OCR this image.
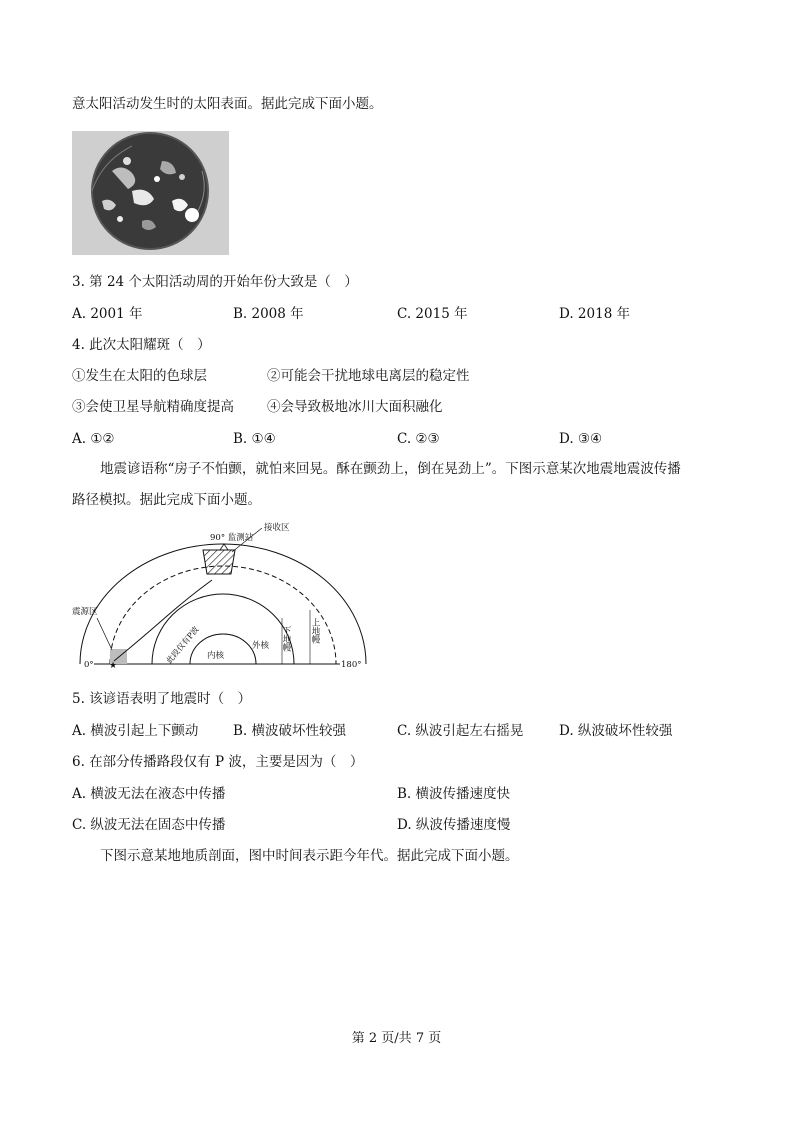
意太阳活动发生时的太阳表面。据此完成下面小题。
3. 第 24 个太阳活动周的开始年份大致是（　）
A. 2001 年	B. 2008 年	C. 2015 年	D. 2018 年
4. 此次太阳耀斑（　）
①发生在太阳的色球层	②可能会干扰地球电离层的稳定性
③会使卫星导航精确度提高 ④会导致极地冰川大面积融化
A. ①②	B. ①④	C. ②③	D. ③④
地震谚语称“房子不怕颤，就怕来回晃。酥在颤劲上，倒在晃劲上”。下图示意某次地震地震波传播
路径模拟。据此完成下面小题。
★
90° 监测站
接收区
震源区
0°	180°
此段仅有P波 内核
外核 下地幔 上地幔
5. 该谚语表明了地震时（　）
A. 横波引起上下颤动	B. 横波破坏性较强	C. 纵波引起左右摇晃	D. 纵波破坏性较强
6. 在部分传播路段仅有 P 波，主要是因为（　）
A. 横波无法在液态中传播	B. 横波传播速度快
C. 纵波无法在固态中传播	D. 纵波传播速度慢
下图示意某地地质剖面，图中时间表示距今年代。据此完成下面小题。
第 2 页/共 7 页
